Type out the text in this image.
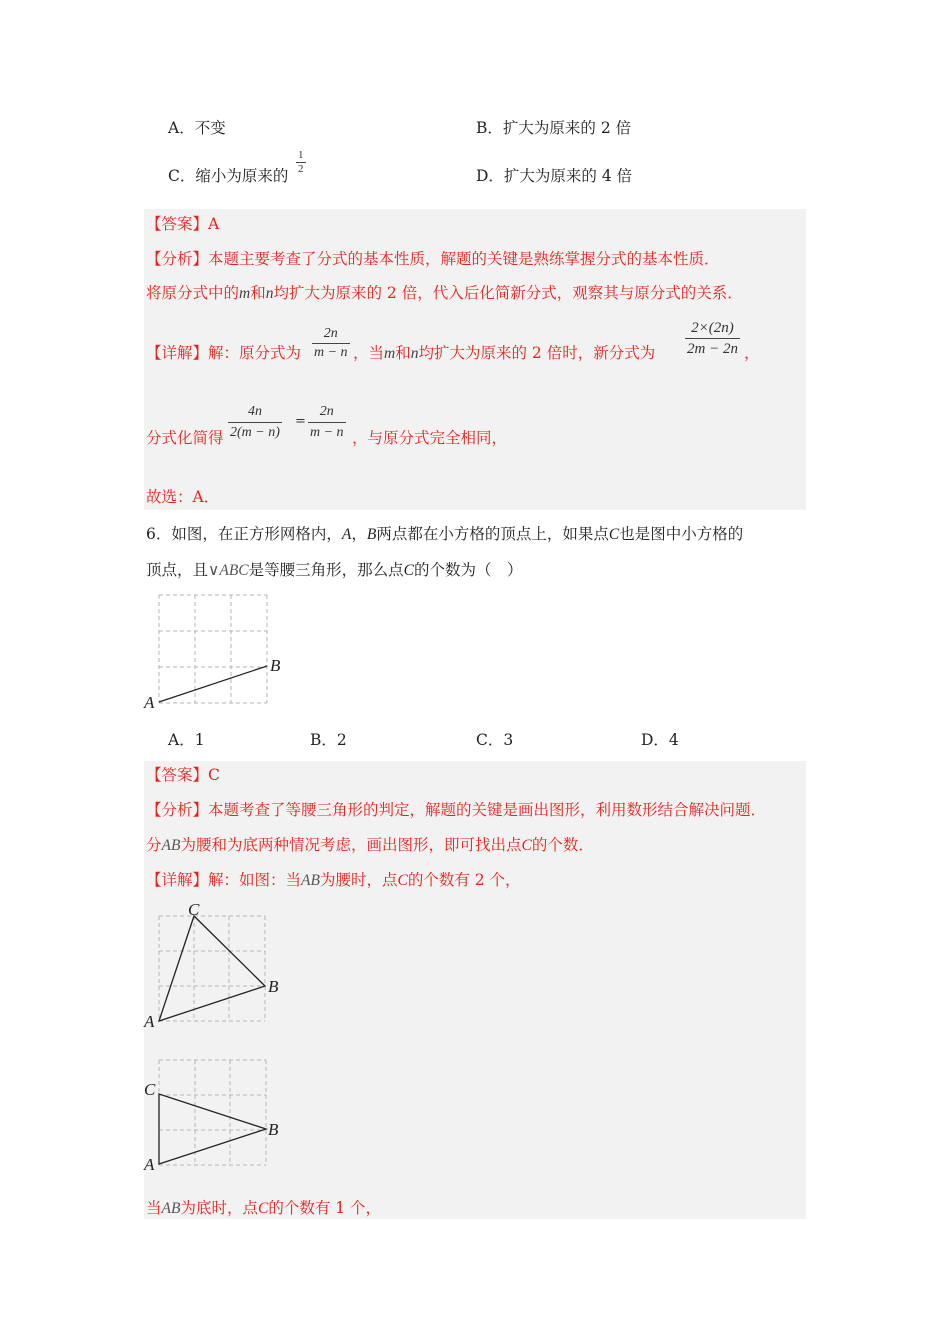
A．不变	B．扩大为原来的 2 倍
C．缩小为原来的
1
2	D．扩大为原来的 4 倍
【答案】A
【分析】本题主要考查了分式的基本性质，解题的关键是熟练掌握分式的基本性质．
将原分式中的m和n均扩大为原来的 2 倍，代入后化简新分式，观察其与原分式的关系．
【详解】解：原分式为
2n
m − n ，当m和n均扩大为原来的 2 倍时，新分式为
2×(2n)
2m − 2n ，
分式化简得
4n
2(m − n)
=
2n
m − n ，与原分式完全相同，
故选：A．
6．如图，在正方形网格内，A，B两点都在小方格的顶点上，如果点C也是图中小方格的
顶点，且∨ABC是等腰三角形，那么点C的个数为（　）
A
B
A．1	B．2	C．3	D．4
【答案】C
【分析】本题考查了等腰三角形的判定，解题的关键是画出图形，利用数形结合解决问题．
分AB为腰和为底两种情况考虑，画出图形，即可找出点C的个数．
【详解】解：如图：当AB为腰时，点C的个数有 2 个，
C
A
B
C
A
B
当AB为底时，点C的个数有 1 个，
